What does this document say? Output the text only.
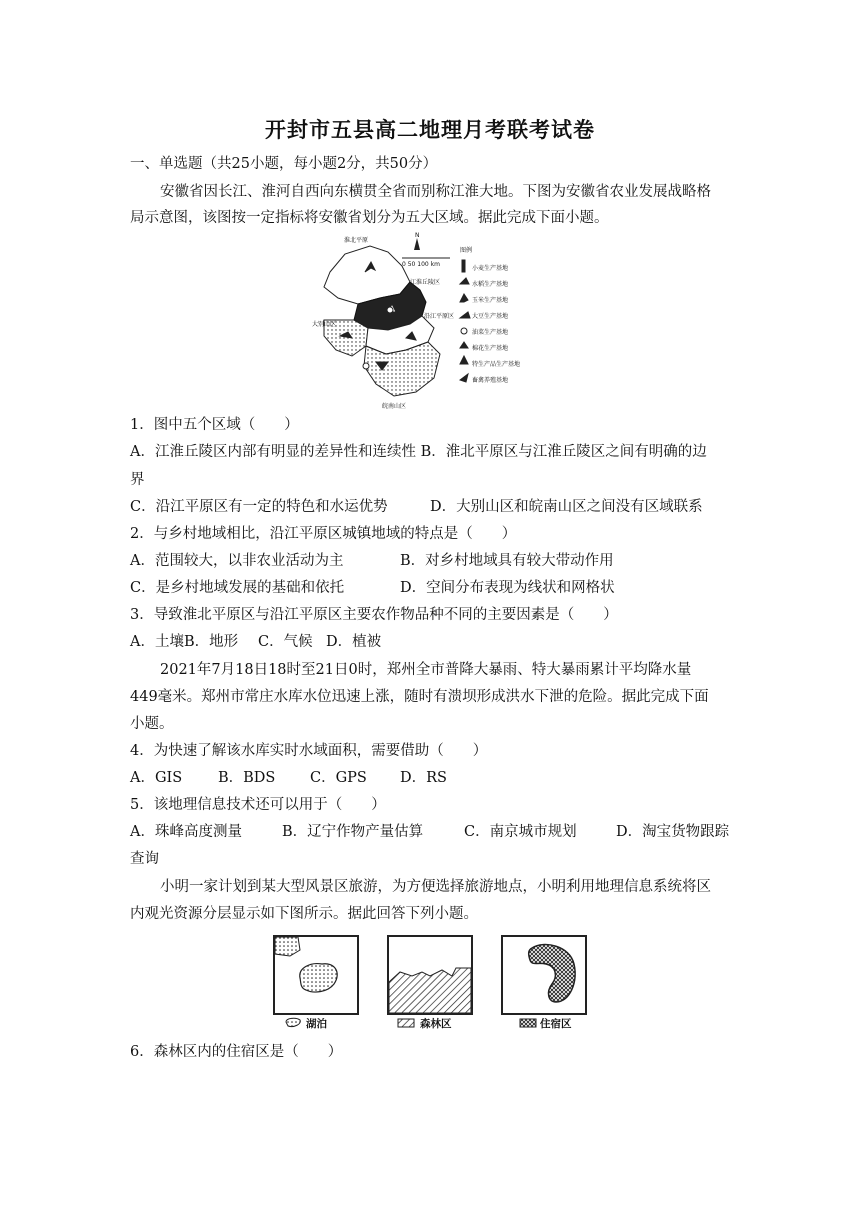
开封市五县高二地理月考联考试卷
一、单选题（共25小题，每小题2分，共50分）
安徽省因长江、淮河自西向东横贯全省而别称江淮大地。下图为安徽省农业发展战略格
局示意图，该图按一定指标将安徽省划分为五大区域。据此完成下面小题。
淮北平原
江淮丘陵区
沿江平原区
大别山区
皖南山区
N
0 50 100 km
图例
小麦生产基地
水稻生产基地
玉米生产基地
大豆生产基地
油菜生产基地
棉花生产基地
特生产品生产基地
畜禽养殖基地
1．图中五个区域（　　）
A．江淮丘陵区内部有明显的差异性和连续性 B．淮北平原区与江淮丘陵区之间有明确的边
界
C．沿江平原区有一定的特色和水运优势	D．大别山区和皖南山区之间没有区域联系
2．与乡村地域相比，沿江平原区城镇地域的特点是（　　）
A．范围较大，以非农业活动为主	B．对乡村地域具有较大带动作用
C．是乡村地域发展的基础和依托	D．空间分布表现为线状和网格状
3．导致淮北平原区与沿江平原区主要农作物品种不同的主要因素是（　　）
A．土壤 B．地形 C．气候 D．植被
2021年7月18日18时至21日0时，郑州全市普降大暴雨、特大暴雨累计平均降水量
449毫米。郑州市常庄水库水位迅速上涨，随时有溃坝形成洪水下泄的危险。据此完成下面
小题。
4．为快速了解该水库实时水域面积，需要借助（　　）
A．GIS B．BDS C．GPS D．RS
5．该地理信息技术还可以用于（　　）
A．珠峰高度测量	B．辽宁作物产量估算	C．南京城市规划	D．淘宝货物跟踪
查询
小明一家计划到某大型风景区旅游，为方便选择旅游地点，小明利用地理信息系统将区
内观光资源分层显示如下图所示。据此回答下列小题。
湖泊	森林区	住宿区
6．森林区内的住宿区是（　　）
